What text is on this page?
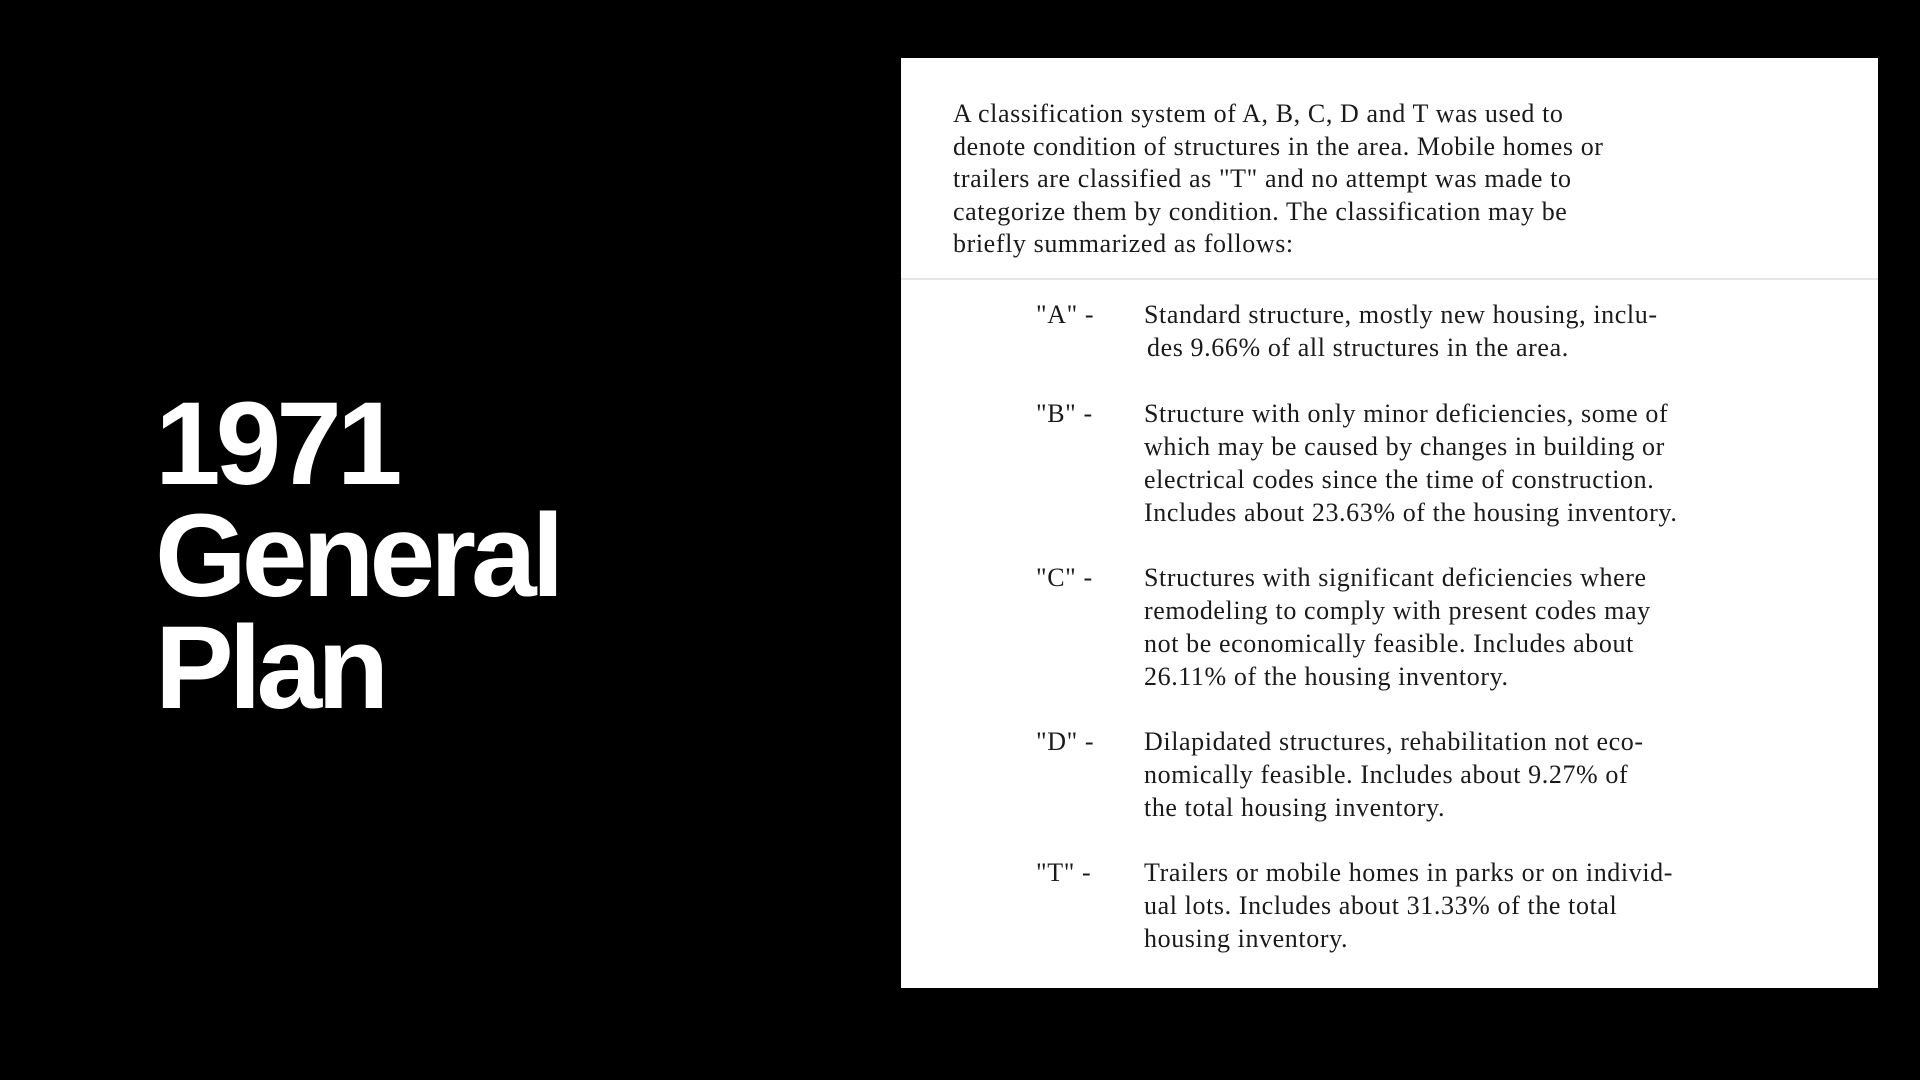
1971
General
Plan
A classification system of A, B, C, D and T was used to
denote condition of structures in the area. Mobile homes or
trailers are classified as "T" and no attempt was made to
categorize them by condition. The classification may be
briefly summarized as follows:
"A" - Standard structure, mostly new housing, inclu-
des 9.66% of all structures in the area.
"B" - Structure with only minor deficiencies, some of
which may be caused by changes in building or
electrical codes since the time of construction.
Includes about 23.63% of the housing inventory.
"C" - Structures with significant deficiencies where
remodeling to comply with present codes may
not be economically feasible. Includes about
26.11% of the housing inventory.
"D" - Dilapidated structures, rehabilitation not eco-
nomically feasible. Includes about 9.27% of
the total housing inventory.
"T" - Trailers or mobile homes in parks or on individ-
ual lots. Includes about 31.33% of the total
housing inventory.
